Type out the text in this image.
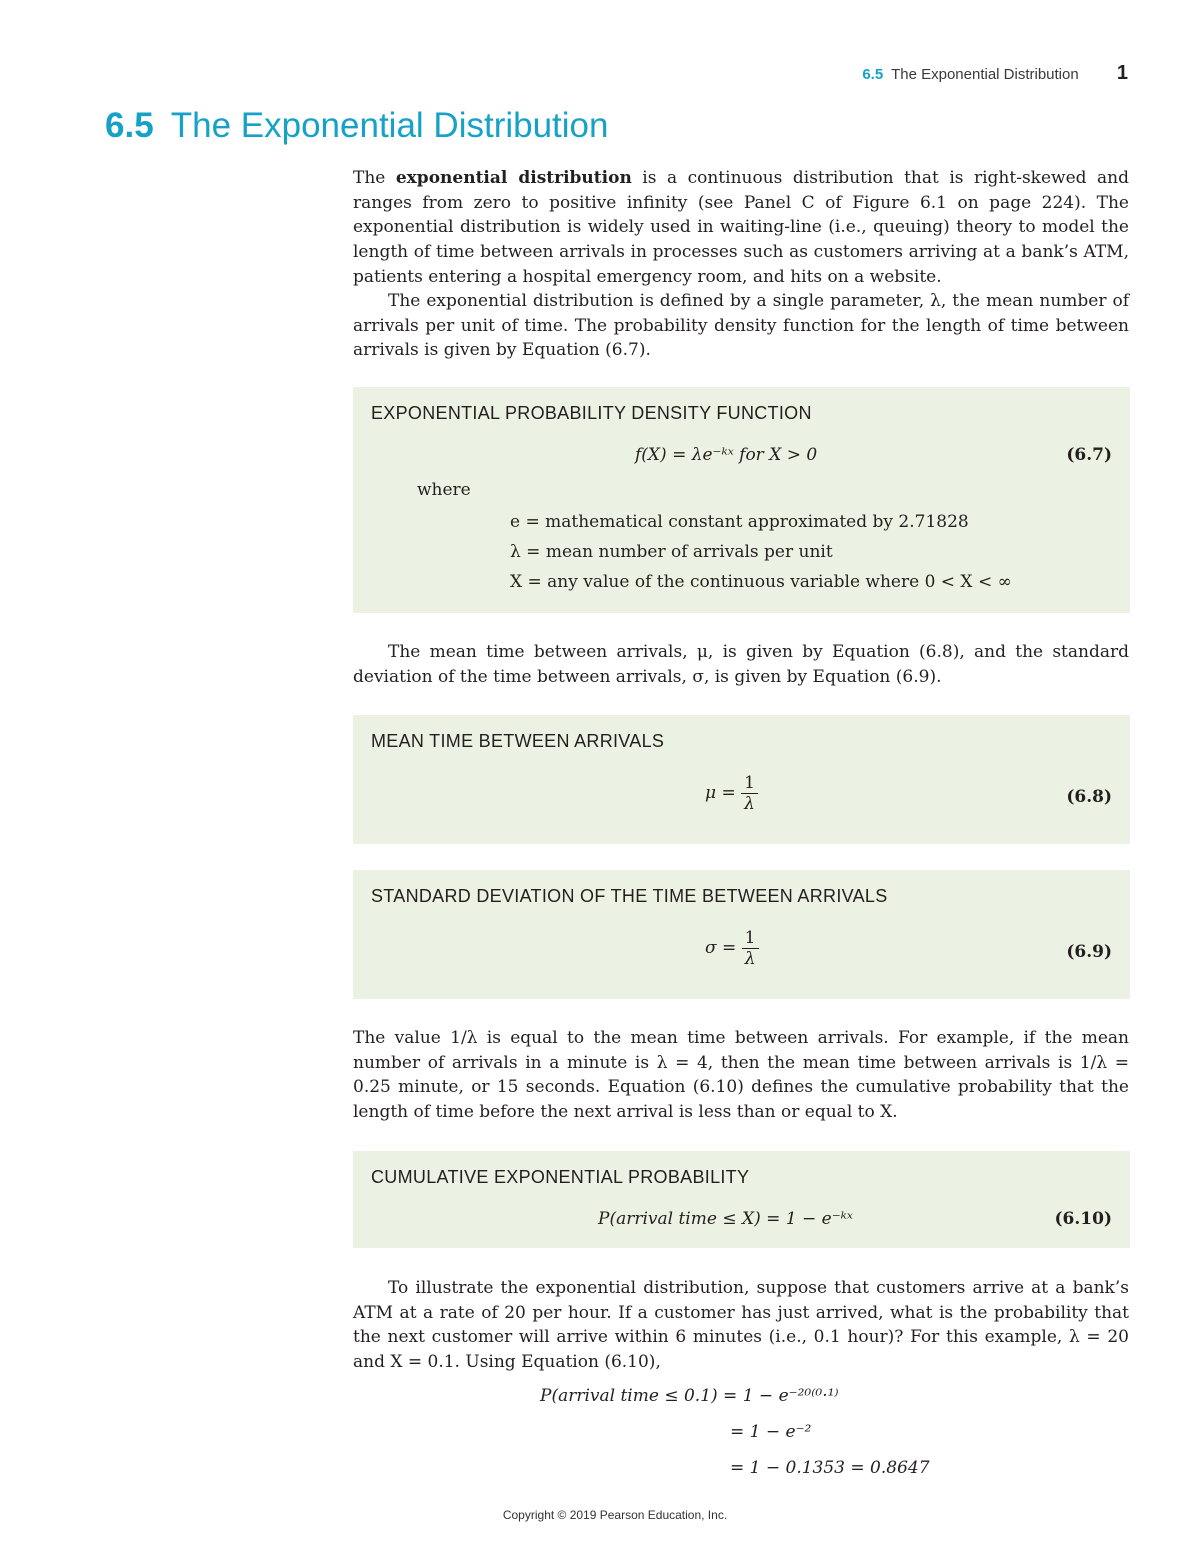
6.5 The Exponential Distribution 1
6.5 The Exponential Distribution
The exponential distribution is a continuous distribution that is right-skewed and ranges from zero to positive infinity (see Panel C of Figure 6.1 on page 224). The exponential distribution is widely used in waiting-line (i.e., queuing) theory to model the length of time between arrivals in processes such as customers arriving at a bank’s ATM, patients entering a hospital emergency room, and hits on a website.
The exponential distribution is defined by a single parameter, λ, the mean number of arrivals per unit of time. The probability density function for the length of time between arrivals is given by Equation (6.7).
EXPONENTIAL PROBABILITY DENSITY FUNCTION
f(X) = λe⁻ᵏˣ for X > 0	(6.7)
where
e = mathematical constant approximated by 2.71828
λ = mean number of arrivals per unit
X = any value of the continuous variable where 0 < X < ∞
The mean time between arrivals, μ, is given by Equation (6.8), and the standard deviation of the time between arrivals, σ, is given by Equation (6.9).
MEAN TIME BETWEEN ARRIVALS
$\mu = \frac{1}{\lambda}$	(6.8)
STANDARD DEVIATION OF THE TIME BETWEEN ARRIVALS
$\sigma = \frac{1}{\lambda}$	(6.9)
The value 1/λ is equal to the mean time between arrivals. For example, if the mean number of arrivals in a minute is λ = 4, then the mean time between arrivals is 1/λ = 0.25 minute, or 15 seconds. Equation (6.10) defines the cumulative probability that the length of time before the next arrival is less than or equal to X.
CUMULATIVE EXPONENTIAL PROBABILITY
P(arrival time ≤ X) = 1 − e⁻ᵏˣ	(6.10)
To illustrate the exponential distribution, suppose that customers arrive at a bank’s ATM at a rate of 20 per hour. If a customer has just arrived, what is the probability that the next customer will arrive within 6 minutes (i.e., 0.1 hour)? For this example, λ = 20 and X = 0.1. Using Equation (6.10),
P(arrival time ≤ 0.1) = 1 − e⁻²⁰⁽⁰·¹⁾
= 1 − e⁻²
= 1 − 0.1353 = 0.8647
Copyright © 2019 Pearson Education, Inc.
